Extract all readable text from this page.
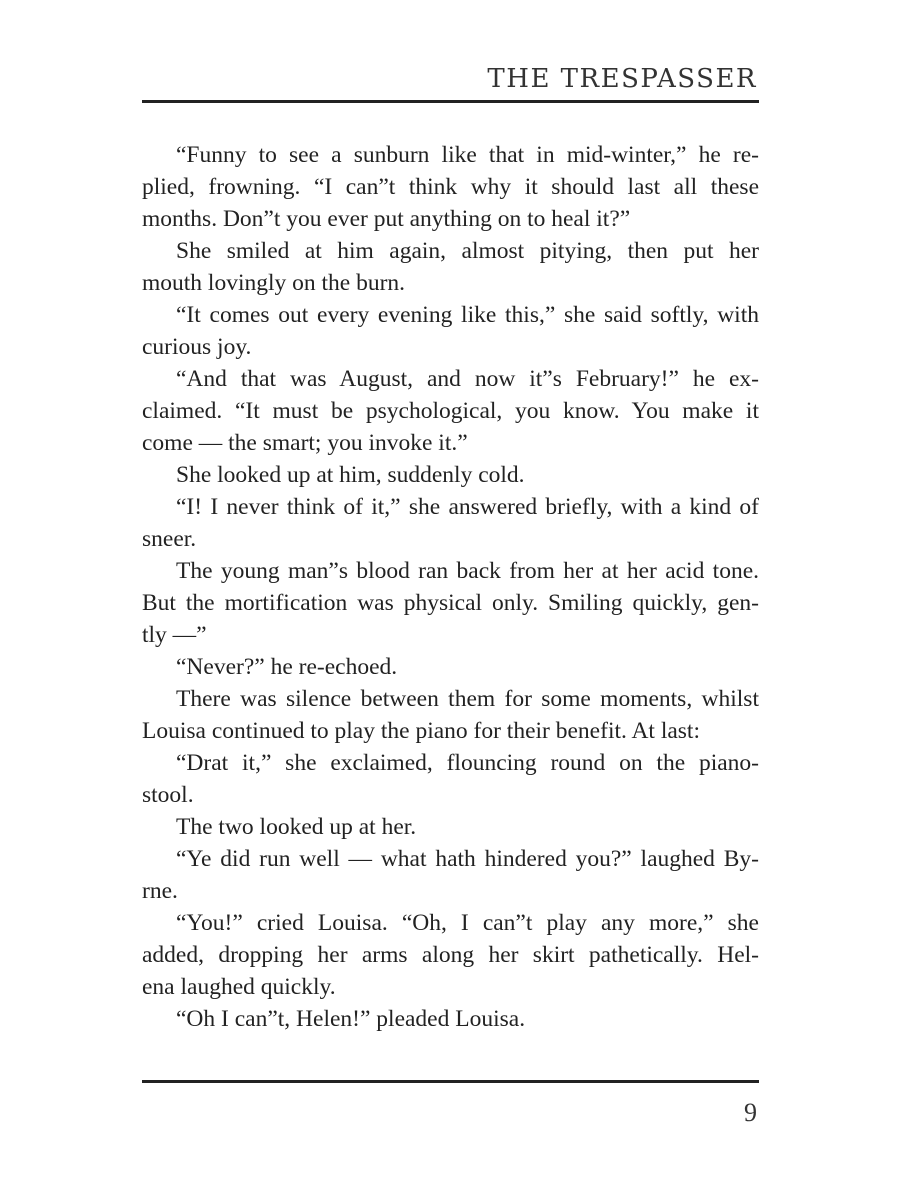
THE TRESPASSER
“Funny to see a sunburn like that in mid-winter,” he re-
plied, frowning. “I can”t think why it should last all these
months. Don”t you ever put anything on to heal it?”
She smiled at him again, almost pitying, then put her
mouth lovingly on the burn.
“It comes out every evening like this,” she said softly, with
curious joy.
“And that was August, and now it”s February!” he ex-
claimed. “It must be psychological, you know. You make it
come — the smart; you invoke it.”
She looked up at him, suddenly cold.
“I! I never think of it,” she answered briefly, with a kind of
sneer.
The young man”s blood ran back from her at her acid tone.
But the mortification was physical only. Smiling quickly, gen-
tly —”
“Never?” he re-echoed.
There was silence between them for some moments, whilst
Louisa continued to play the piano for their benefit. At last:
“Drat it,” she exclaimed, flouncing round on the piano-
stool.
The two looked up at her.
“Ye did run well — what hath hindered you?” laughed By-
rne.
“You!” cried Louisa. “Oh, I can”t play any more,” she
added, dropping her arms along her skirt pathetically. Hel-
ena laughed quickly.
“Oh I can”t, Helen!” pleaded Louisa.
9
